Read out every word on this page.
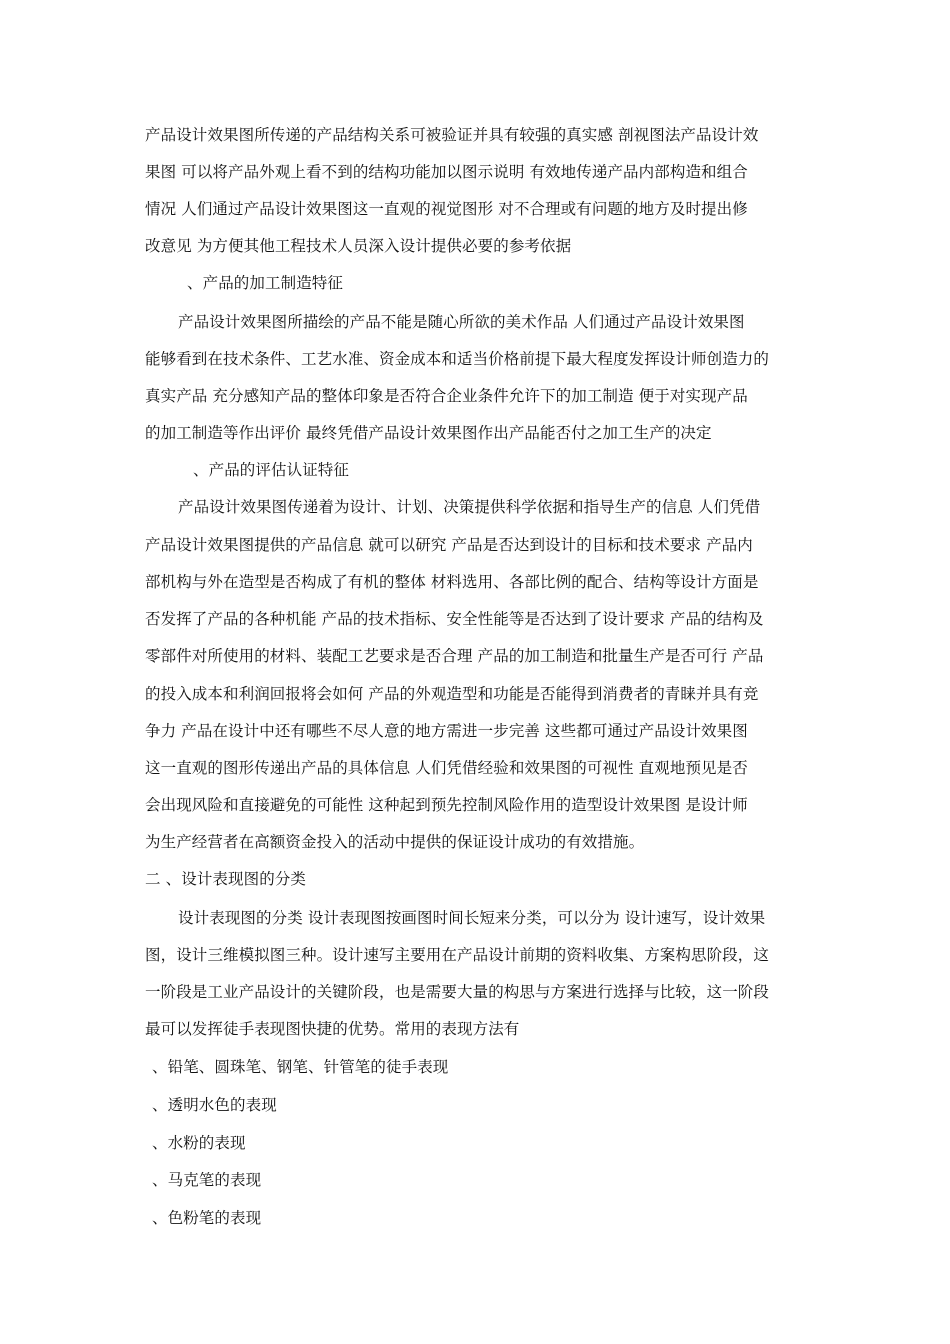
产品设计效果图所传递的产品结构关系可被验证并具有较强的真实感 剖视图法产品设计效
果图 可以将产品外观上看不到的结构功能加以图示说明 有效地传递产品内部构造和组合
情况 人们通过产品设计效果图这一直观的视觉图形 对不合理或有问题的地方及时提出修
改意见 为方便其他工程技术人员深入设计提供必要的参考依据
、产品的加工制造特征
产品设计效果图所描绘的产品不能是随心所欲的美术作品 人们通过产品设计效果图
能够看到在技术条件、工艺水准、资金成本和适当价格前提下最大程度发挥设计师创造力的
真实产品 充分感知产品的整体印象是否符合企业条件允许下的加工制造 便于对实现产品
的加工制造等作出评价 最终凭借产品设计效果图作出产品能否付之加工生产的决定
、产品的评估认证特征
产品设计效果图传递着为设计、计划、决策提供科学依据和指导生产的信息 人们凭借
产品设计效果图提供的产品信息 就可以研究 产品是否达到设计的目标和技术要求 产品内
部机构与外在造型是否构成了有机的整体 材料选用、各部比例的配合、结构等设计方面是
否发挥了产品的各种机能 产品的技术指标、安全性能等是否达到了设计要求 产品的结构及
零部件对所使用的材料、装配工艺要求是否合理 产品的加工制造和批量生产是否可行 产品
的投入成本和利润回报将会如何 产品的外观造型和功能是否能得到消费者的青睐并具有竞
争力 产品在设计中还有哪些不尽人意的地方需进一步完善 这些都可通过产品设计效果图
这一直观的图形传递出产品的具体信息 人们凭借经验和效果图的可视性 直观地预见是否
会出现风险和直接避免的可能性 这种起到预先控制风险作用的造型设计效果图 是设计师
为生产经营者在高额资金投入的活动中提供的保证设计成功的有效措施。
二 、设计表现图的分类
设计表现图的分类 设计表现图按画图时间长短来分类，可以分为 设计速写，设计效果
图，设计三维模拟图三种。设计速写主要用在产品设计前期的资料收集、方案构思阶段，这
一阶段是工业产品设计的关键阶段，也是需要大量的构思与方案进行选择与比较，这一阶段
最可以发挥徒手表现图快捷的优势。常用的表现方法有
、铅笔、圆珠笔、钢笔、针管笔的徒手表现
、透明水色的表现
、水粉的表现
、马克笔的表现
、色粉笔的表现
